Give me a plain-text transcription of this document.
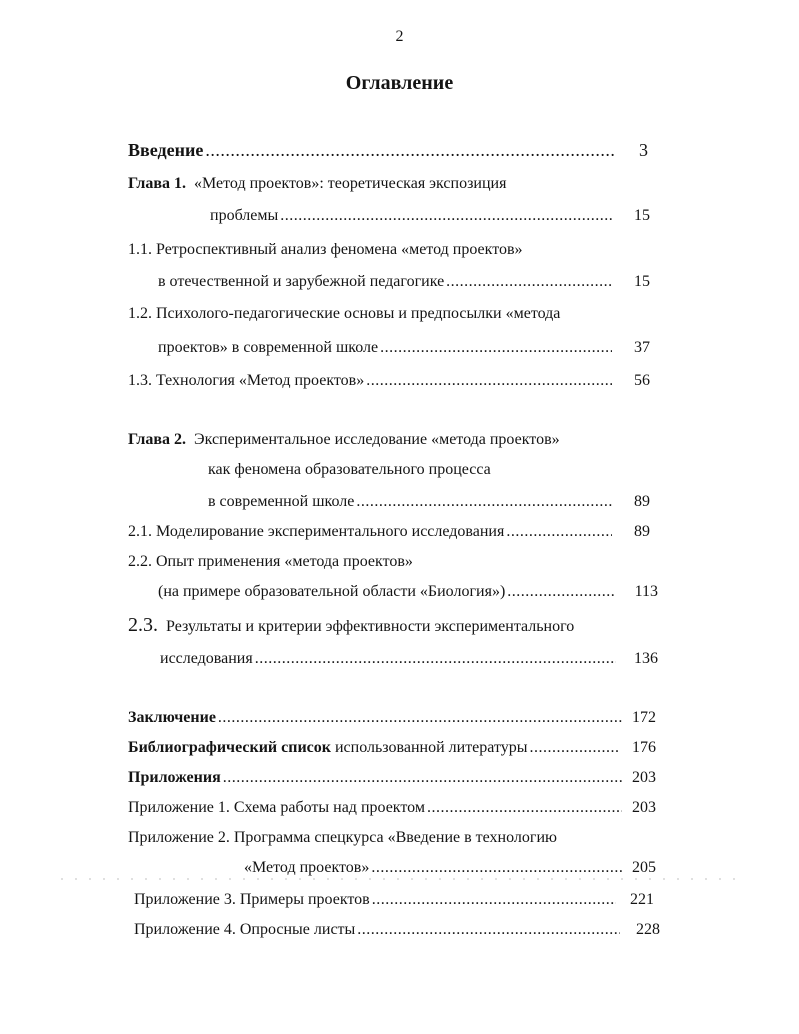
2
Оглавление
Введение .....	3
Глава 1. «Метод проектов»: теоретическая экспозиция
проблемы .....	15
1.1. Ретроспективный анализ феномена «метод проектов»
в отечественной и зарубежной педагогике .....	15
1.2. Психолого-педагогические основы и предпосылки «метода
проектов» в современной школе .....	37
1.3. Технология «Метод проектов» .....	56
Глава 2. Экспериментальное исследование «метода проектов»
как феномена образовательного процесса
в современной школе .....	89
2.1. Моделирование экспериментального исследования .....	89
2.2. Опыт применения «метода проектов»
(на примере образовательной области «Биология») .....	113
2.3. Результаты и критерии эффективности экспериментального
исследования .....	136
Заключение .....	172
Библиографический список использованной литературы .....	176
Приложения .....	203
Приложение 1. Схема работы над проектом .....	203
Приложение 2. Программа спецкурса «Введение в технологию
«Метод проектов» .....	205
Приложение 3. Примеры проектов .....	221
Приложение 4. Опросные листы .....	228
